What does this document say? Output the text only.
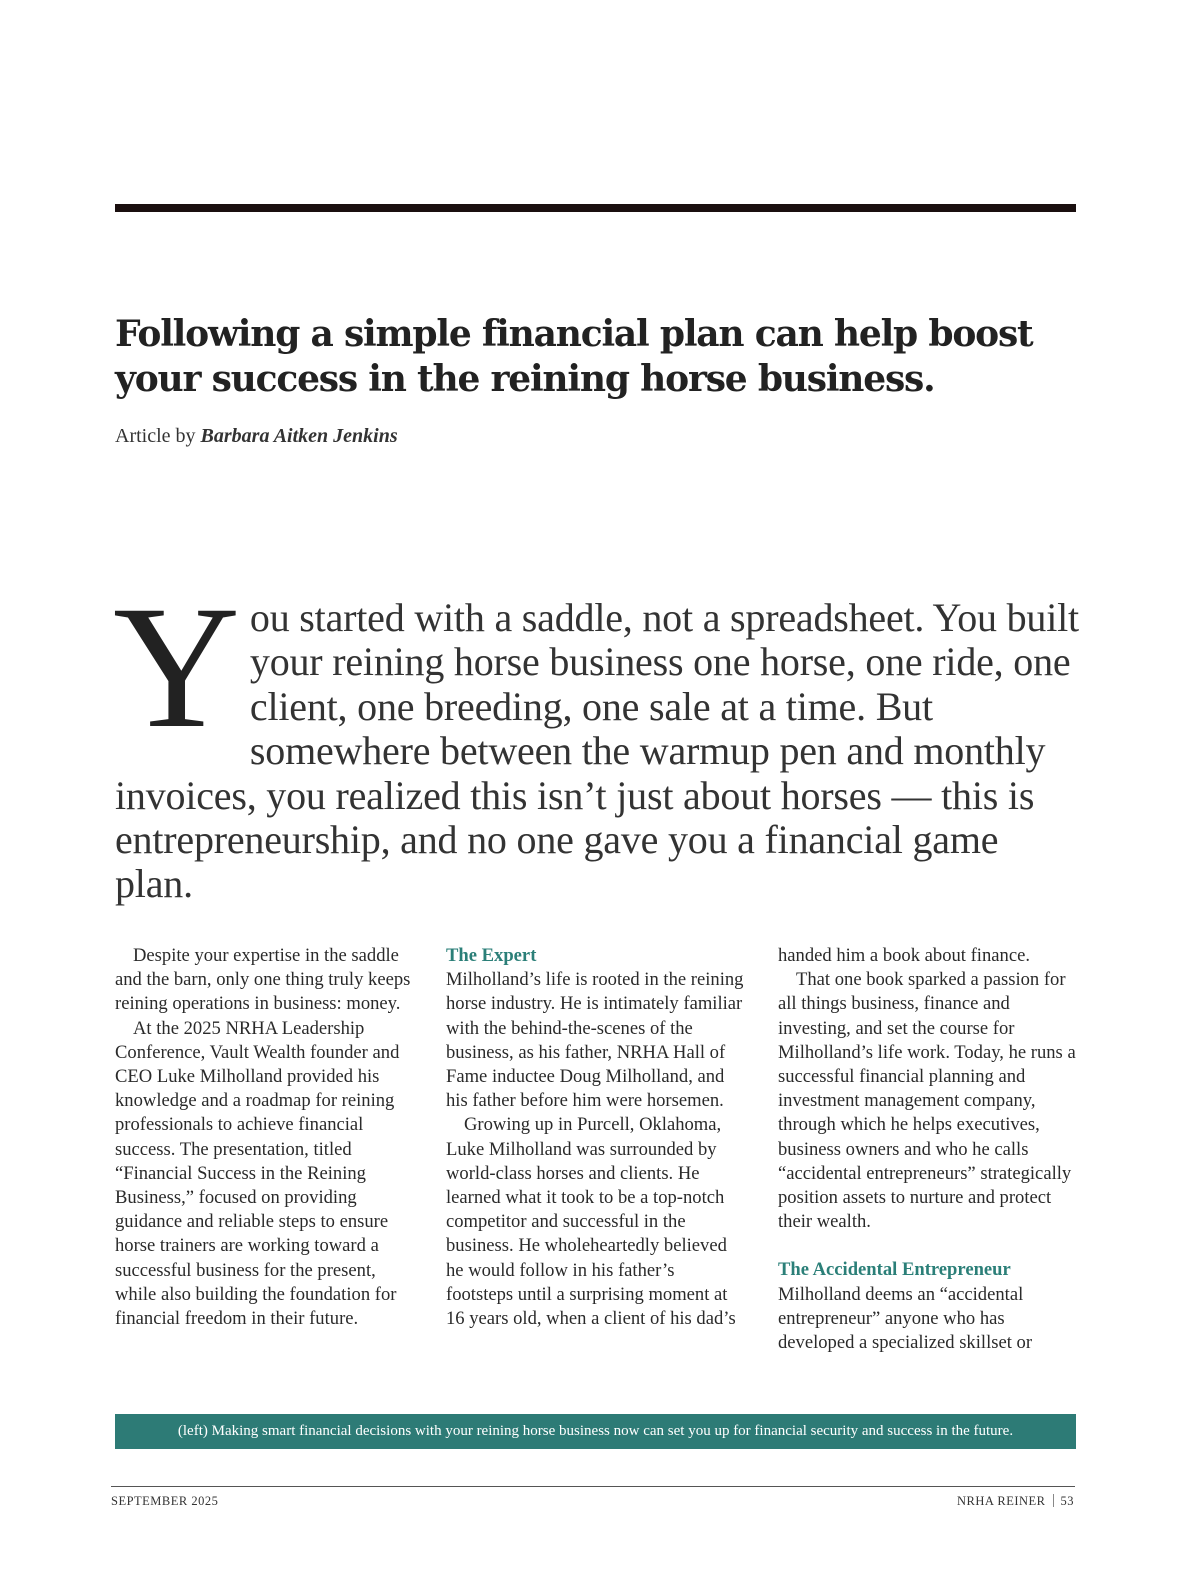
Following a simple financial plan can help boost your success in the reining horse business.
Article by Barbara Aitken Jenkins

You started with a saddle, not a spreadsheet. You built your reining horse business one horse, one ride, one client, one breeding, one sale at a time. But somewhere between the warmup pen and monthly invoices, you realized this isn’t just about horses — this is entrepreneurship, and no one gave you a financial game plan.

Despite your expertise in the saddle and the barn, only one thing truly keeps reining operations in business: money.

At the 2025 NRHA Leadership Conference, Vault Wealth founder and CEO Luke Milholland provided his knowledge and a roadmap for reining professionals to achieve financial success. The presentation, titled “Financial Success in the Reining Business,” focused on providing guidance and reliable steps to ensure horse trainers are working toward a successful business for the present, while also building the foundation for financial freedom in their future.

The Expert

Milholland’s life is rooted in the reining horse industry. He is intimately familiar with the behind-the-scenes of the business, as his father, NRHA Hall of Fame inductee Doug Milholland, and his father before him were horsemen.

Growing up in Purcell, Oklahoma, Luke Milholland was surrounded by world-class horses and clients. He learned what it took to be a top-notch competitor and successful in the business. He wholeheartedly believed he would follow in his father’s footsteps until a surprising moment at 16 years old, when a client of his dad’s

handed him a book about finance.

That one book sparked a passion for all things business, finance and investing, and set the course for Milholland’s life work. Today, he runs a successful financial planning and investment management company, through which he helps executives, business owners and who he calls “accidental entrepreneurs” strategically position assets to nurture and protect their wealth.

The Accidental Entrepreneur

Milholland deems an “accidental entrepreneur” anyone who has developed a specialized skillset or

(left) Making smart financial decisions with your reining horse business now can set you up for financial security and success in the future.
SEPTEMBER 2025	NRHA REINER 53
